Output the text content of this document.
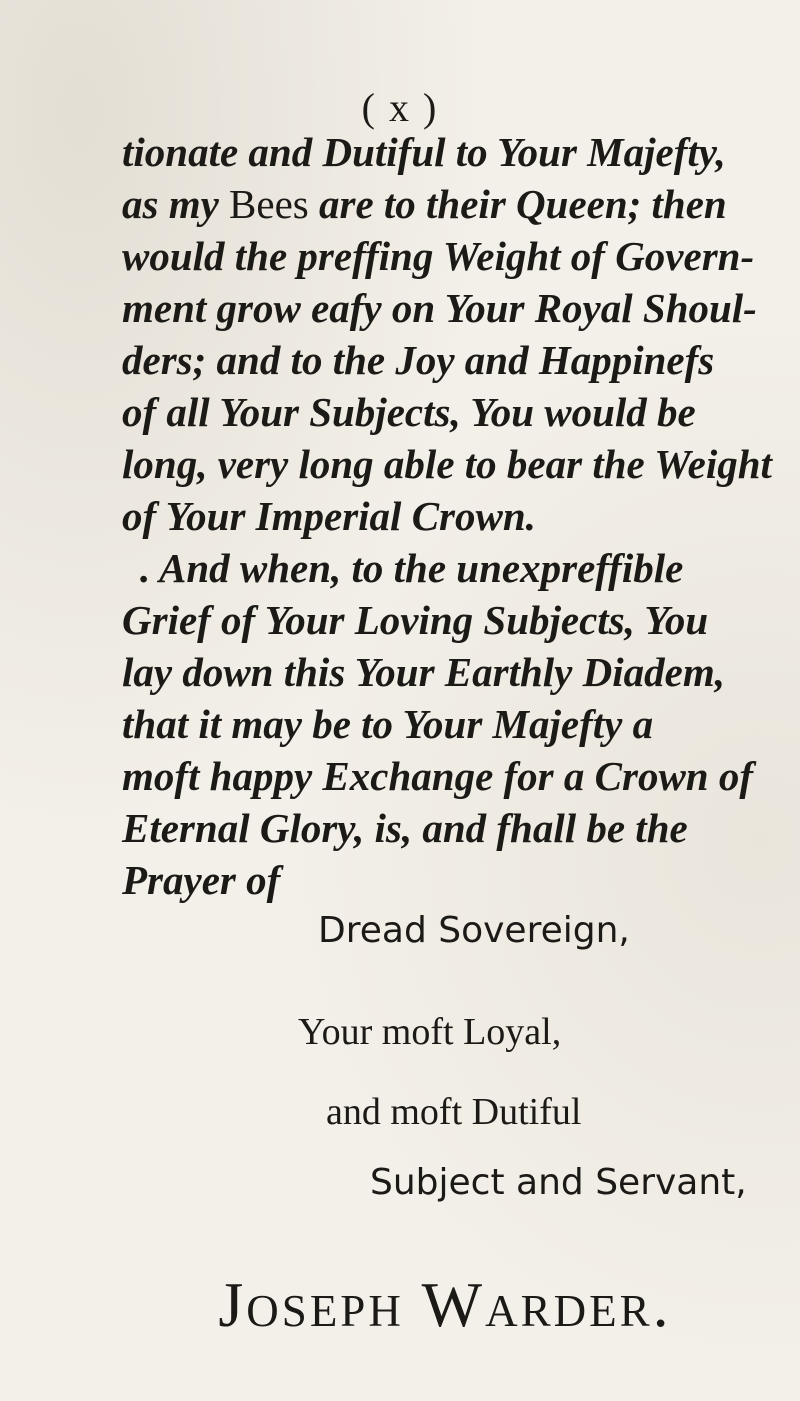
( x )
tionate and Dutiful to Your Majefty,
as my Bees are to their Queen; then
would the preffing Weight of Govern-
ment grow eafy on Your Royal Shoul-
ders; and to the Joy and Happinefs
of all Your Subjects, You would be
long, very long able to bear the Weight
of Your Imperial Crown.
. And when, to the unexpreffible
Grief of Your Loving Subjects, You
lay down this Your Earthly Diadem,
that it may be to Your Majefty a
moft happy Exchange for a Crown of
Eternal Glory, is, and fhall be the
Prayer of
Dread Sovereign,
Your moft Loyal,
and moft Dutiful
Subject and Servant,
Joseph Warder.
